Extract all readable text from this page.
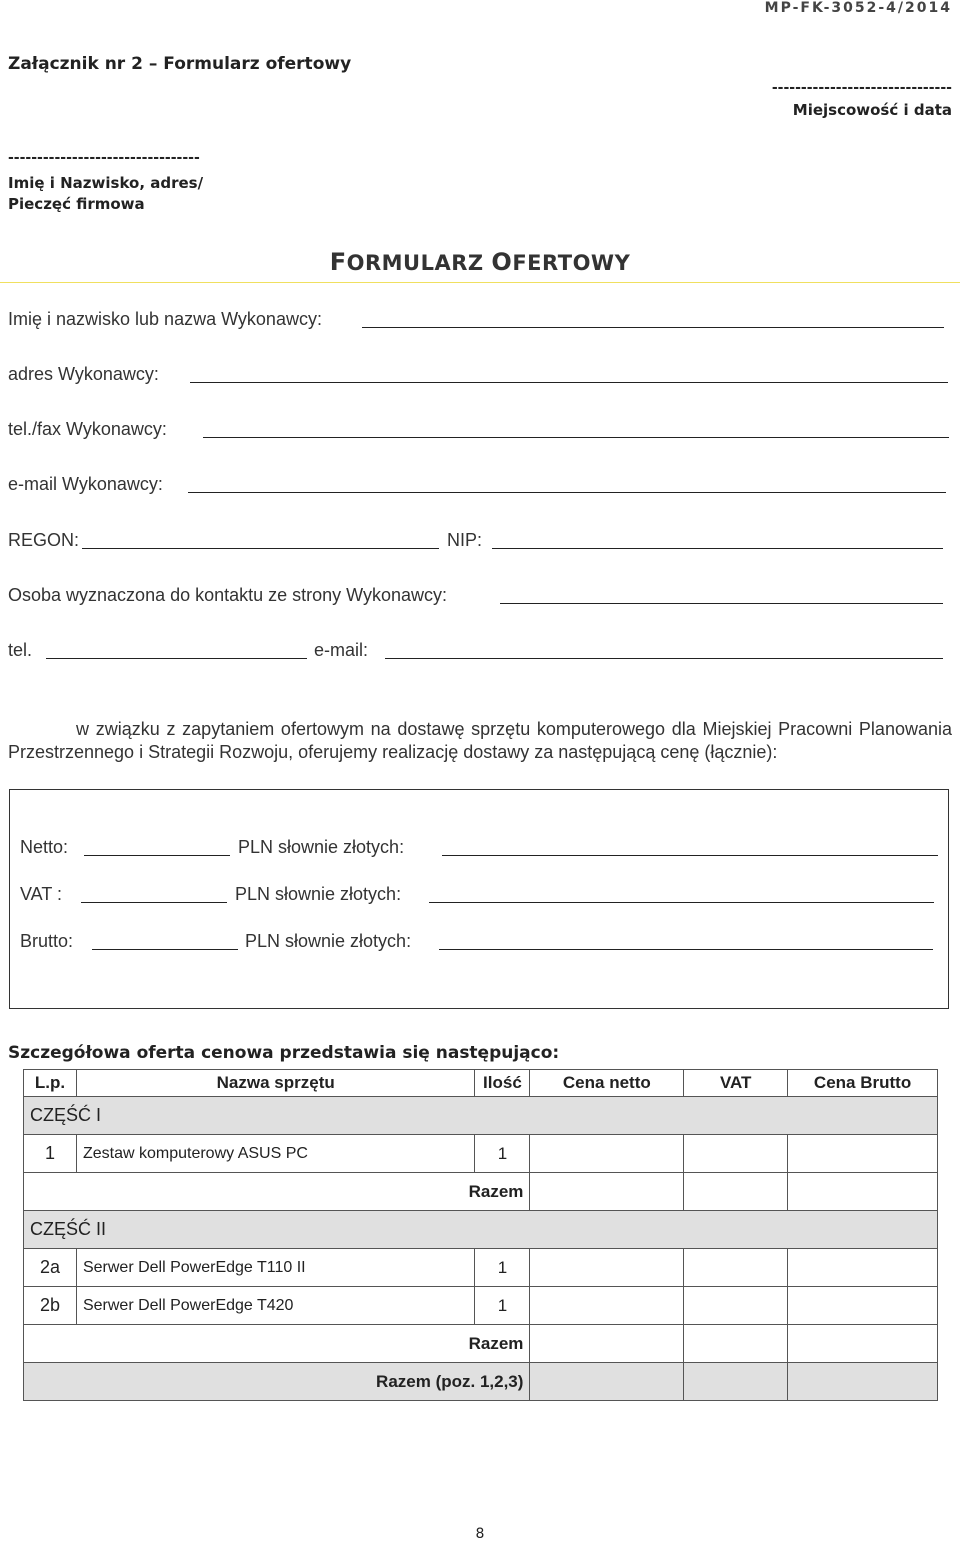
MP-FK-3052-4/2014
Załącznik nr 2 – Formularz ofertowy
-------------------------------
Miejscowość i data
---------------------------------
Imię i Nazwisko, adres/
Pieczęć firmowa
FORMULARZ OFERTOWY
Imię i nazwisko lub nazwa Wykonawcy:
adres Wykonawcy:
tel./fax Wykonawcy:
e-mail Wykonawcy:
REGON:	NIP:
Osoba wyznaczona do kontaktu ze strony Wykonawcy:
tel.	e-mail:
w związku z zapytaniem ofertowym na dostawę sprzętu komputerowego dla Miejskiej Pracowni Planowania Przestrzennego i Strategii Rozwoju, oferujemy realizację dostawy za następującą cenę (łącznie):
Netto:	PLN słownie złotych:
VAT :	PLN słownie złotych:
Brutto:	PLN słownie złotych:
Szczegółowa oferta cenowa przedstawia się następująco:
L.p.	Nazwa sprzętu	Ilość	Cena netto	VAT	Cena Brutto
CZĘŚĆ I					
1	Zestaw komputerowy ASUS PC	1			
Razem					
CZĘŚĆ II					
2a	Serwer Dell PowerEdge T110 II	1			
2b	Serwer Dell PowerEdge T420	1			
Razem					
Razem (poz. 1,2,3)					
8
